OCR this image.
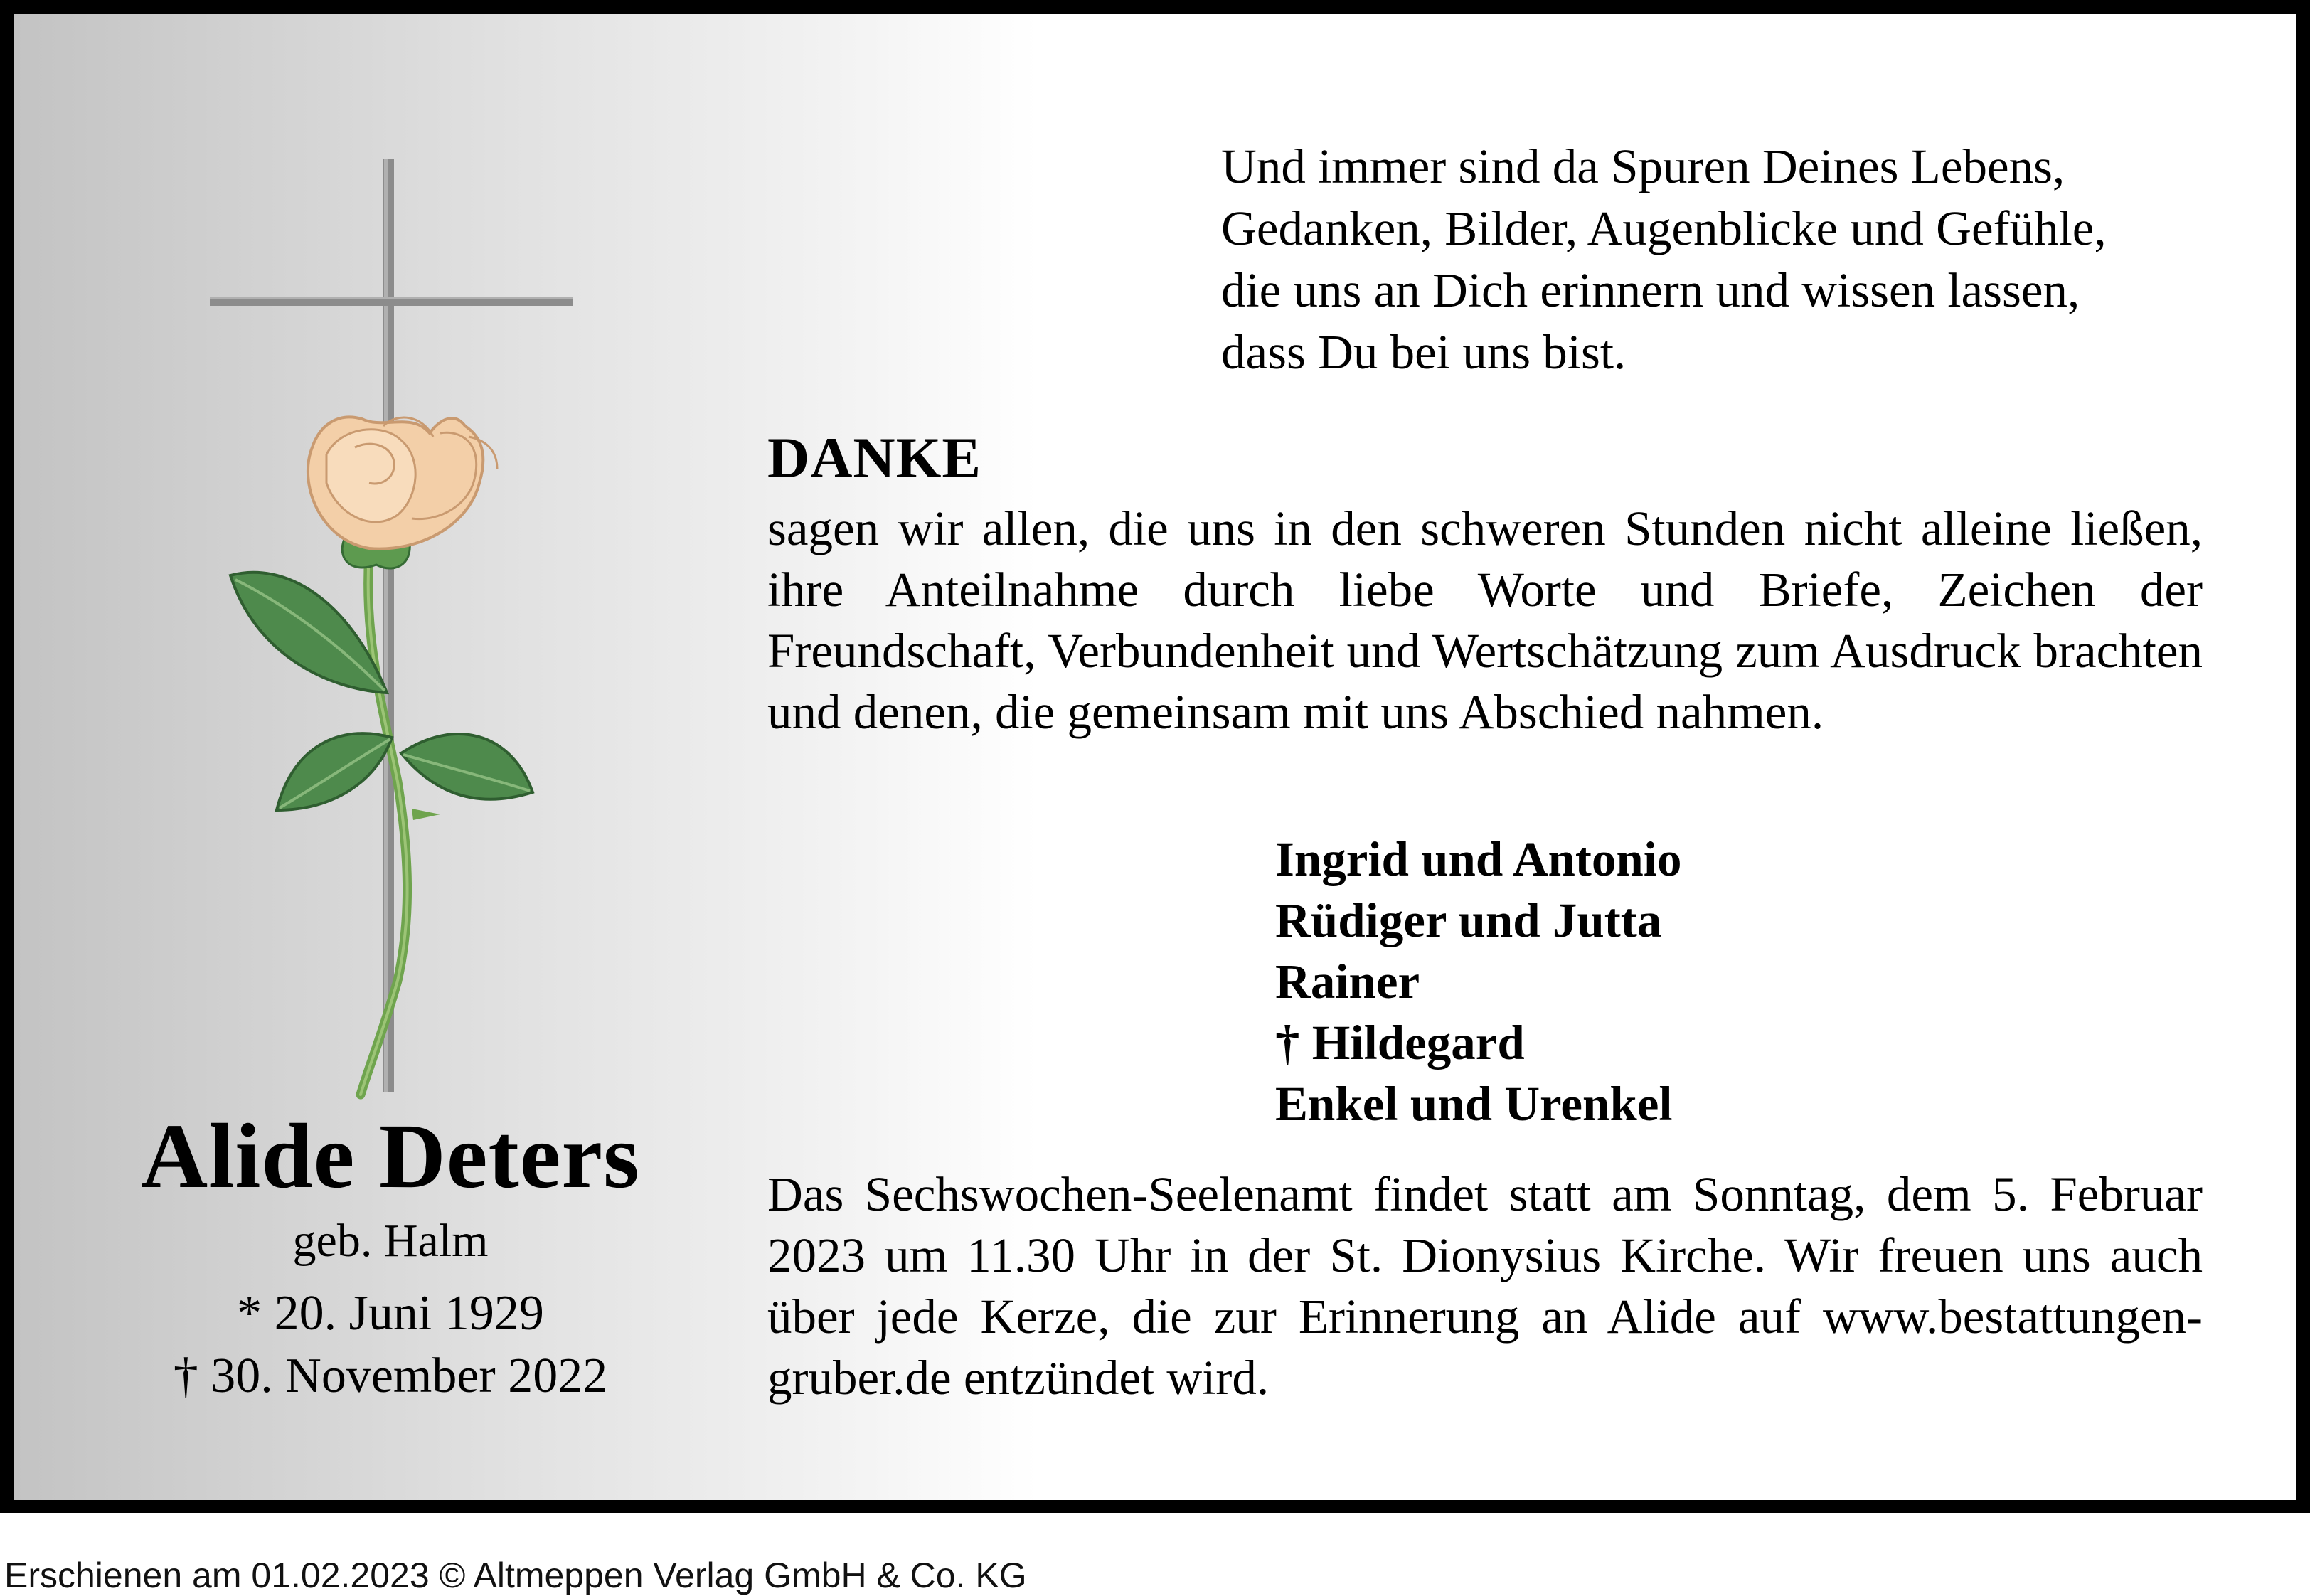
Alide Deters
geb. Halm
* 20. Juni 1929
† 30. November 2022
Und immer sind da Spuren Deines Lebens,
Gedanken, Bilder, Augenblicke und Gefühle,
die uns an Dich erinnern und wissen lassen,
dass Du bei uns bist.
DANKE
sagen wir allen, die uns in den schweren Stunden nicht alleine ließen, ihre Anteilnahme durch liebe Worte und Briefe, Zeichen der Freundschaft, Verbundenheit und Wertschätzung zum Ausdruck brachten und denen, die gemeinsam mit uns Abschied nahmen.
Ingrid und Antonio
Rüdiger und Jutta
Rainer
† Hildegard
Enkel und Urenkel
Das Sechswochen-Seelenamt findet statt am Sonntag, dem 5. Februar 2023 um 11.30 Uhr in der St. Dionysius Kirche. Wir freuen uns auch über jede Kerze, die zur Erinnerung an Alide auf www.bestattungen-gruber.de entzündet wird.
Erschienen am 01.02.2023 © Altmeppen Verlag GmbH & Co. KG
